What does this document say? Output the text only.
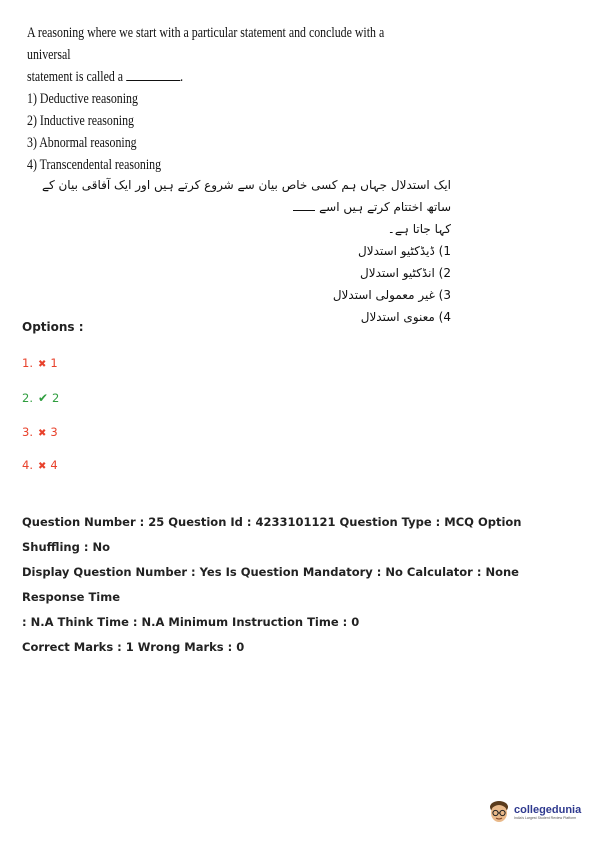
A reasoning where we start with a particular statement and conclude with a universal
statement is called a	.
1) Deductive reasoning
2) Inductive reasoning
3) Abnormal reasoning
4) Transcendental reasoning
ایک استدلال جہاں ہم کسی خاص بیان سے شروع کرتے ہیں اور ایک آفاقی بیان کے ساتھ اختتام کرتے ہیں اسے
کہا جاتا ہے۔
1) ڈیڈکٹیو استدلال
2) انڈکٹیو استدلال
3) غیر معمولی استدلال
4) معنوی استدلال
Options :
1. ✖ 1
2. ✔ 2
3. ✖ 3
4. ✖ 4
Question Number : 25 Question Id : 4233101121 Question Type : MCQ Option Shuffling : No
Display Question Number : Yes Is Question Mandatory : No Calculator : None Response Time
: N.A Think Time : N.A Minimum Instruction Time : 0
Correct Marks : 1 Wrong Marks : 0
collegedunia
India's Largest Student Review Platform
